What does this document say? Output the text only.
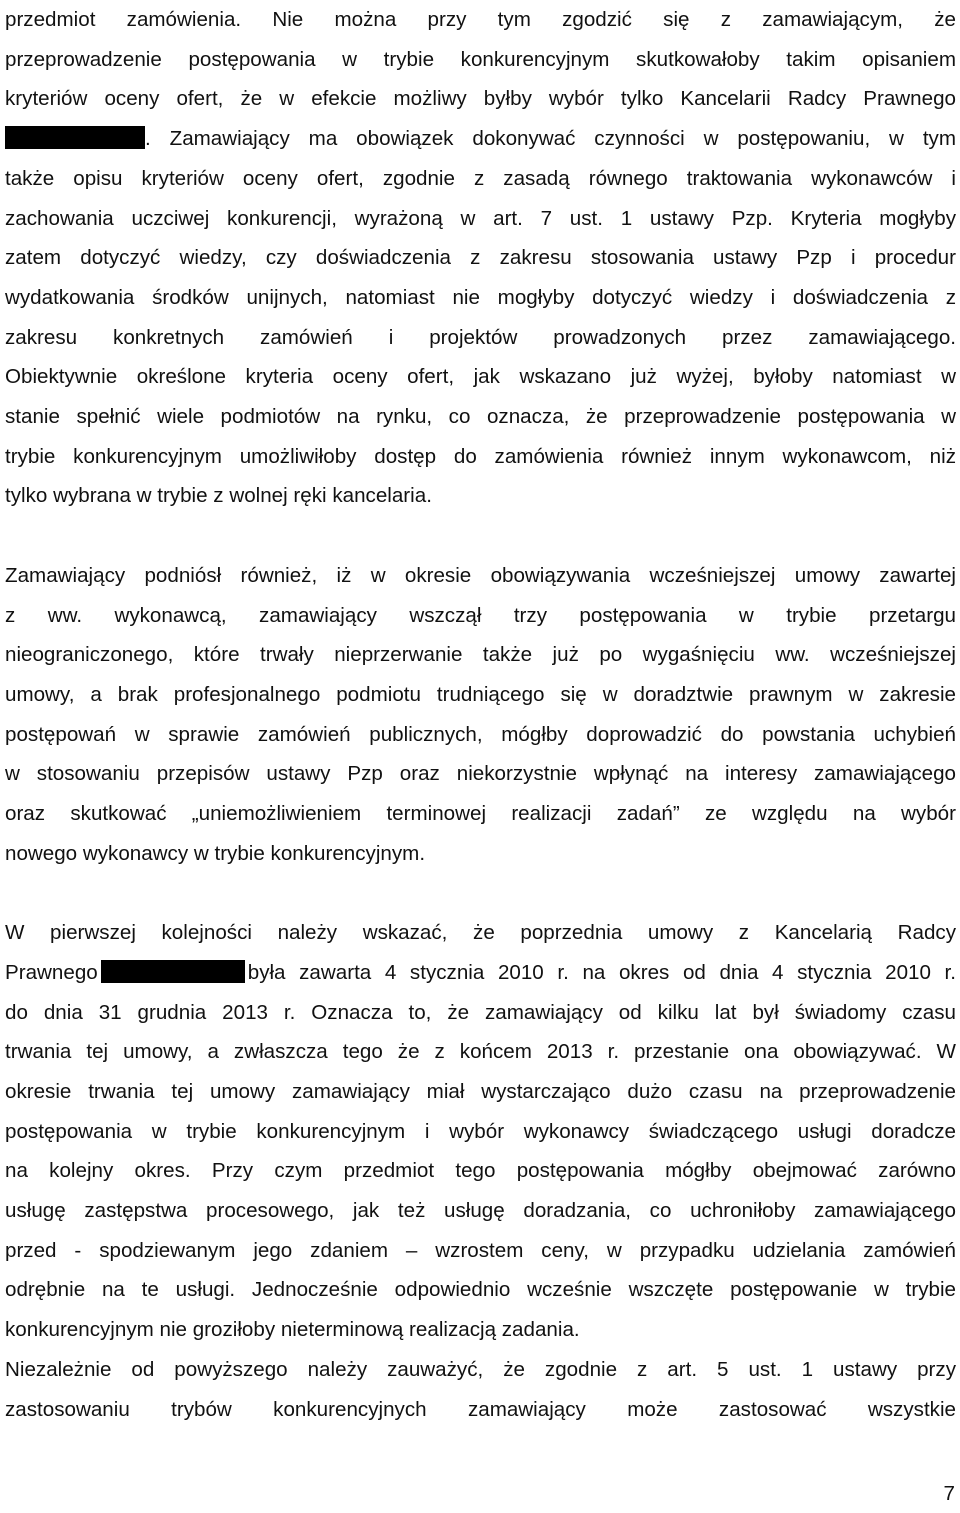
przedmiot zamówienia. Nie można przy tym zgodzić się z zamawiającym, że
przeprowadzenie postępowania w trybie konkurencyjnym skutkowałoby takim opisaniem
kryteriów oceny ofert, że w efekcie możliwy byłby wybór tylko Kancelarii Radcy Prawnego
. Zamawiający ma obowiązek dokonywać czynności w postępowaniu, w tym
także opisu kryteriów oceny ofert, zgodnie z zasadą równego traktowania wykonawców i
zachowania uczciwej konkurencji, wyrażoną w art. 7 ust. 1 ustawy Pzp. Kryteria mogłyby
zatem dotyczyć wiedzy, czy doświadczenia z zakresu stosowania ustawy Pzp i procedur
wydatkowania środków unijnych, natomiast nie mogłyby dotyczyć wiedzy i doświadczenia z
zakresu konkretnych zamówień i projektów prowadzonych przez zamawiającego.
Obiektywnie określone kryteria oceny ofert, jak wskazano już wyżej, byłoby natomiast w
stanie spełnić wiele podmiotów na rynku, co oznacza, że przeprowadzenie postępowania w
trybie konkurencyjnym umożliwiłoby dostęp do zamówienia również innym wykonawcom, niż
tylko wybrana w trybie z wolnej ręki kancelaria.
Zamawiający podniósł również, iż w okresie obowiązywania wcześniejszej umowy zawartej
z ww. wykonawcą, zamawiający wszczął trzy postępowania w trybie przetargu
nieograniczonego, które trwały nieprzerwanie także już po wygaśnięciu ww. wcześniejszej
umowy, a brak profesjonalnego podmiotu trudniącego się w doradztwie prawnym w zakresie
postępowań w sprawie zamówień publicznych, mógłby doprowadzić do powstania uchybień
w stosowaniu przepisów ustawy Pzp oraz niekorzystnie wpłynąć na interesy zamawiającego
oraz skutkować „uniemożliwieniem terminowej realizacji zadań” ze względu na wybór
nowego wykonawcy w trybie konkurencyjnym.
W pierwszej kolejności należy wskazać, że poprzednia umowy z Kancelarią Radcy
Prawnego	była zawarta 4 stycznia 2010 r. na okres od dnia 4 stycznia 2010 r.
do dnia 31 grudnia 2013 r. Oznacza to, że zamawiający od kilku lat był świadomy czasu
trwania tej umowy, a zwłaszcza tego że z końcem 2013 r. przestanie ona obowiązywać. W
okresie trwania tej umowy zamawiający miał wystarczająco dużo czasu na przeprowadzenie
postępowania w trybie konkurencyjnym i wybór wykonawcy świadczącego usługi doradcze
na kolejny okres. Przy czym przedmiot tego postępowania mógłby obejmować zarówno
usługę zastępstwa procesowego, jak też usługę doradzania, co uchroniłoby zamawiającego
przed - spodziewanym jego zdaniem – wzrostem ceny, w przypadku udzielania zamówień
odrębnie na te usługi. Jednocześnie odpowiednio wcześnie wszczęte postępowanie w trybie
konkurencyjnym nie groziłoby nieterminową realizacją zadania.
Niezależnie od powyższego należy zauważyć, że zgodnie z art. 5 ust. 1 ustawy przy
zastosowaniu trybów konkurencyjnych zamawiający może zastosować wszystkie
7
